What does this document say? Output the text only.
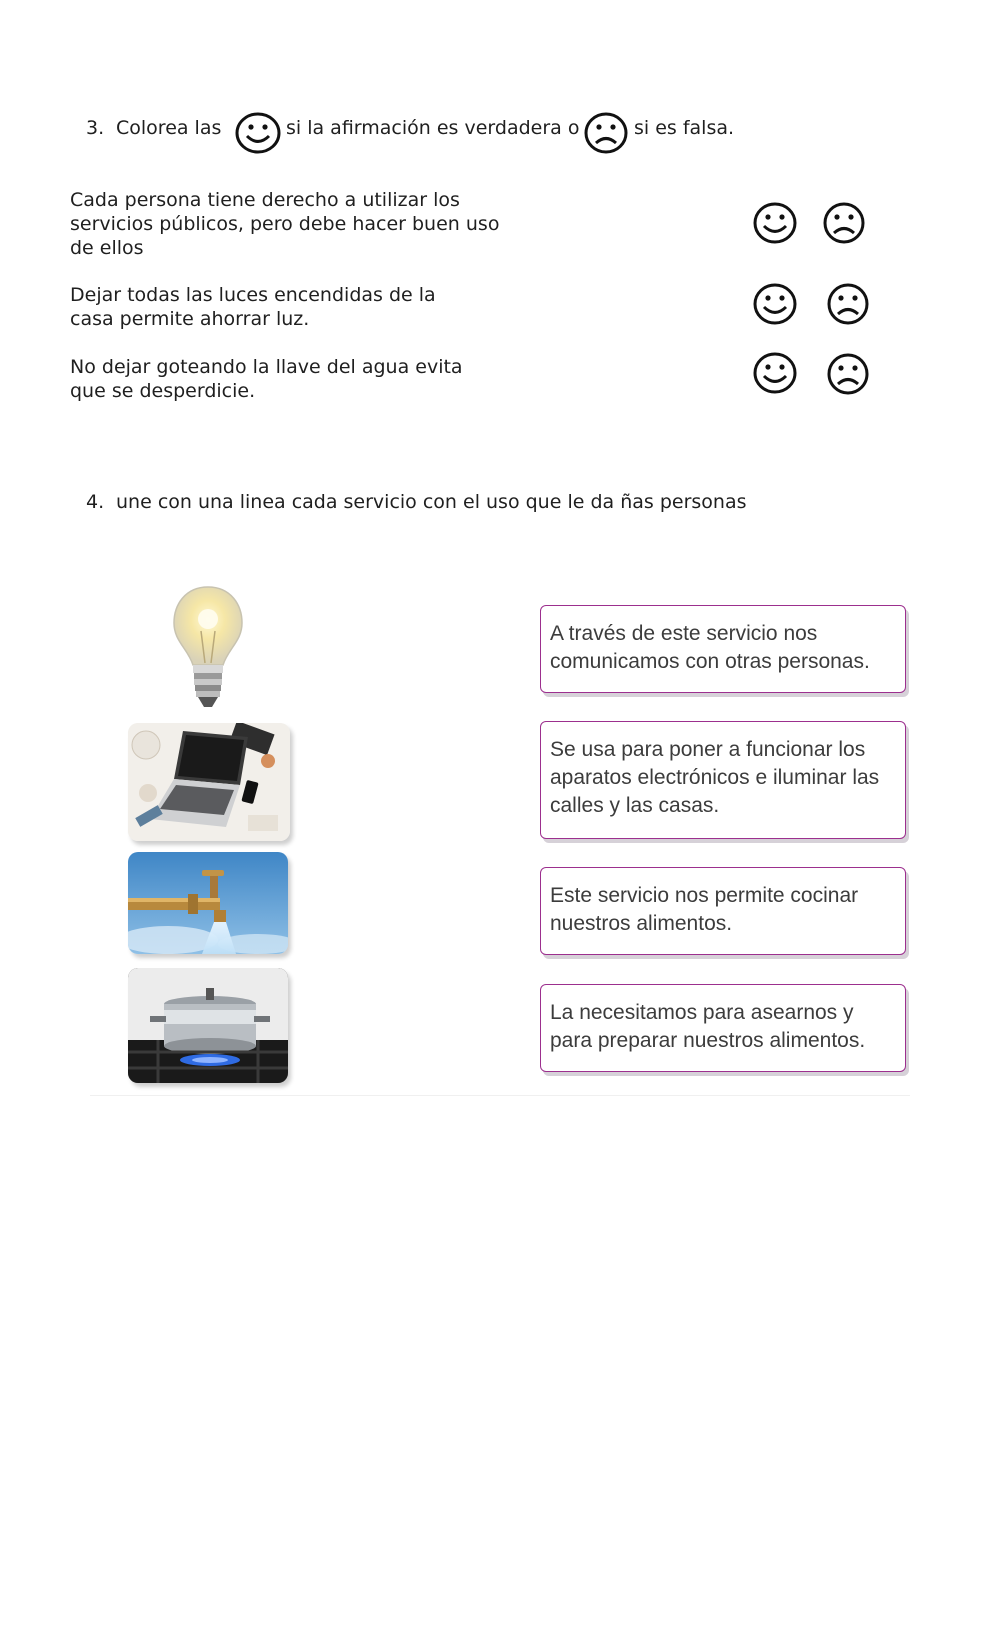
3. Colorea las	si la afirmación es verdadera o	si es falsa.
Cada persona tiene derecho a utilizar los servicios públicos, pero debe hacer buen uso de ellos
Dejar todas las luces encendidas de la casa permite ahorrar luz.
No dejar goteando la llave del agua evita que se desperdicie.
4. une con una linea cada servicio con el uso que le da ñas personas
A través de este servicio nos comunicamos con otras personas.
Se usa para poner a funcionar los aparatos electrónicos e iluminar las calles y las casas.
Este servicio nos permite cocinar nuestros alimentos.
La necesitamos para asearnos y para preparar nuestros alimentos.
